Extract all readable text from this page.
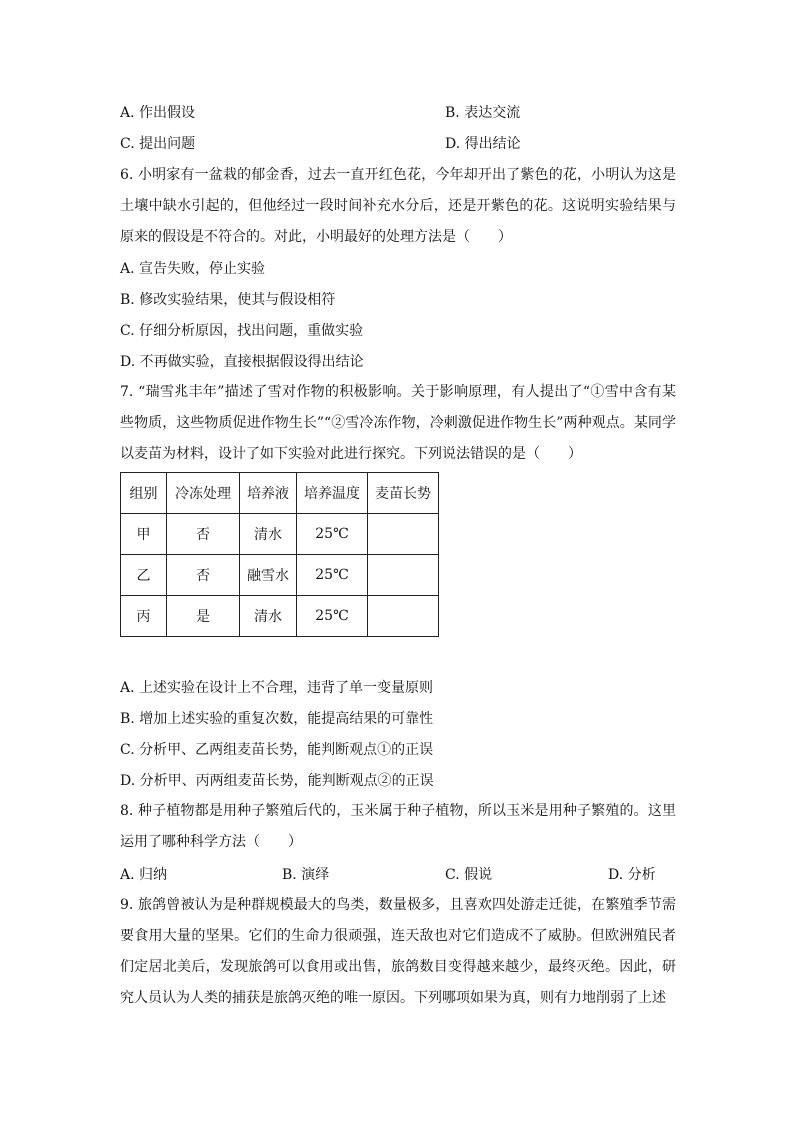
A. 作出假设	B. 表达交流
C. 提出问题	D. 得出结论
6. 小明家有一盆栽的郁金香，过去一直开红色花，今年却开出了紫色的花，小明认为这是土壤中缺水引起的，但他经过一段时间补充水分后，还是开紫色的花。这说明实验结果与原来的假设是不符合的。对此，小明最好的处理方法是（　　）
A. 宣告失败，停止实验
B. 修改实验结果，使其与假设相符
C. 仔细分析原因，找出问题，重做实验
D. 不再做实验，直接根据假设得出结论
7. “瑞雪兆丰年”描述了雪对作物的积极影响。关于影响原理，有人提出了“①雪中含有某些物质，这些物质促进作物生长”“②雪冷冻作物，冷刺激促进作物生长”两种观点。某同学以麦苗为材料，设计了如下实验对此进行探究。下列说法错误的是（　　）
组别	冷冻处理	培养液	培养温度	麦苗长势
甲	否	清水	25℃	
乙	否	融雪水	25℃	
丙	是	清水	25℃	
A. 上述实验在设计上不合理，违背了单一变量原则
B. 增加上述实验的重复次数，能提高结果的可靠性
C. 分析甲、乙两组麦苗长势，能判断观点①的正误
D. 分析甲、丙两组麦苗长势，能判断观点②的正误
8. 种子植物都是用种子繁殖后代的，玉米属于种子植物，所以玉米是用种子繁殖的。这里运用了哪种科学方法（　　）
A. 归纳	B. 演绎	C. 假说	D. 分析
9. 旅鸽曾被认为是种群规模最大的鸟类，数量极多，且喜欢四处游走迁徙，在繁殖季节需要食用大量的坚果。它们的生命力很顽强，连天敌也对它们造成不了威胁。但欧洲殖民者们定居北美后，发现旅鸽可以食用或出售，旅鸽数目变得越来越少，最终灭绝。因此，研究人员认为人类的捕获是旅鸽灭绝的唯一原因。下列哪项如果为真，则有力地削弱了上述
